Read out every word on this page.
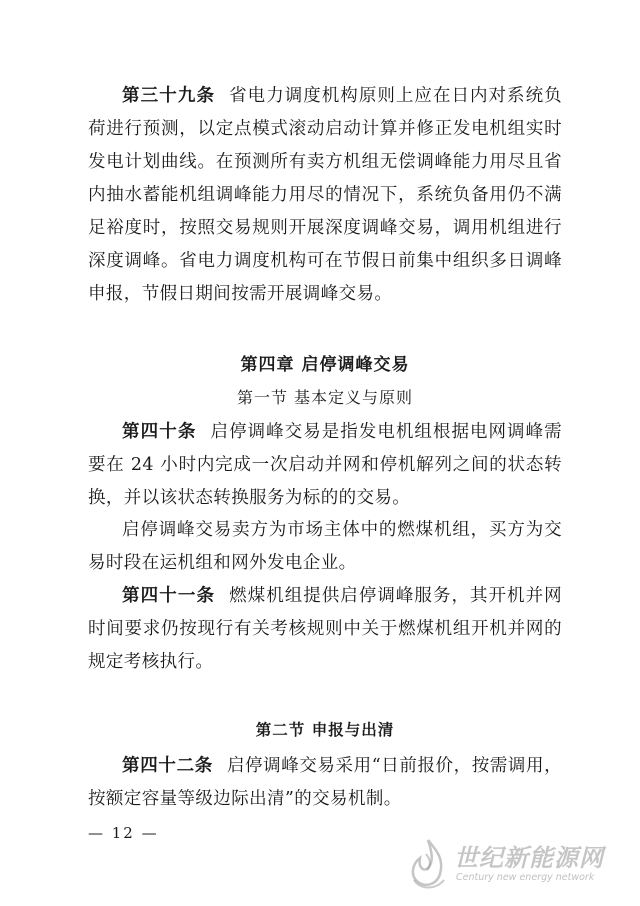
第三十九条 省电力调度机构原则上应在日内对系统负荷进行预测，以定点模式滚动启动计算并修正发电机组实时发电计划曲线。在预测所有卖方机组无偿调峰能力用尽且省内抽水蓄能机组调峰能力用尽的情况下，系统负备用仍不满足裕度时，按照交易规则开展深度调峰交易，调用机组进行深度调峰。省电力调度机构可在节假日前集中组织多日调峰申报，节假日期间按需开展调峰交易。

第四章 启停调峰交易

第一节 基本定义与原则

第四十条 启停调峰交易是指发电机组根据电网调峰需要在 24 小时内完成一次启动并网和停机解列之间的状态转换，并以该状态转换服务为标的的交易。

启停调峰交易卖方为市场主体中的燃煤机组，买方为交易时段在运机组和网外发电企业。

第四十一条 燃煤机组提供启停调峰服务，其开机并网时间要求仍按现行有关考核规则中关于燃煤机组开机并网的规定考核执行。

第二节 申报与出清

第四十二条 启停调峰交易采用“日前报价，按需调用，按额定容量等级边际出清”的交易机制。

— 12 —

世纪新能源网
Century new energy network
